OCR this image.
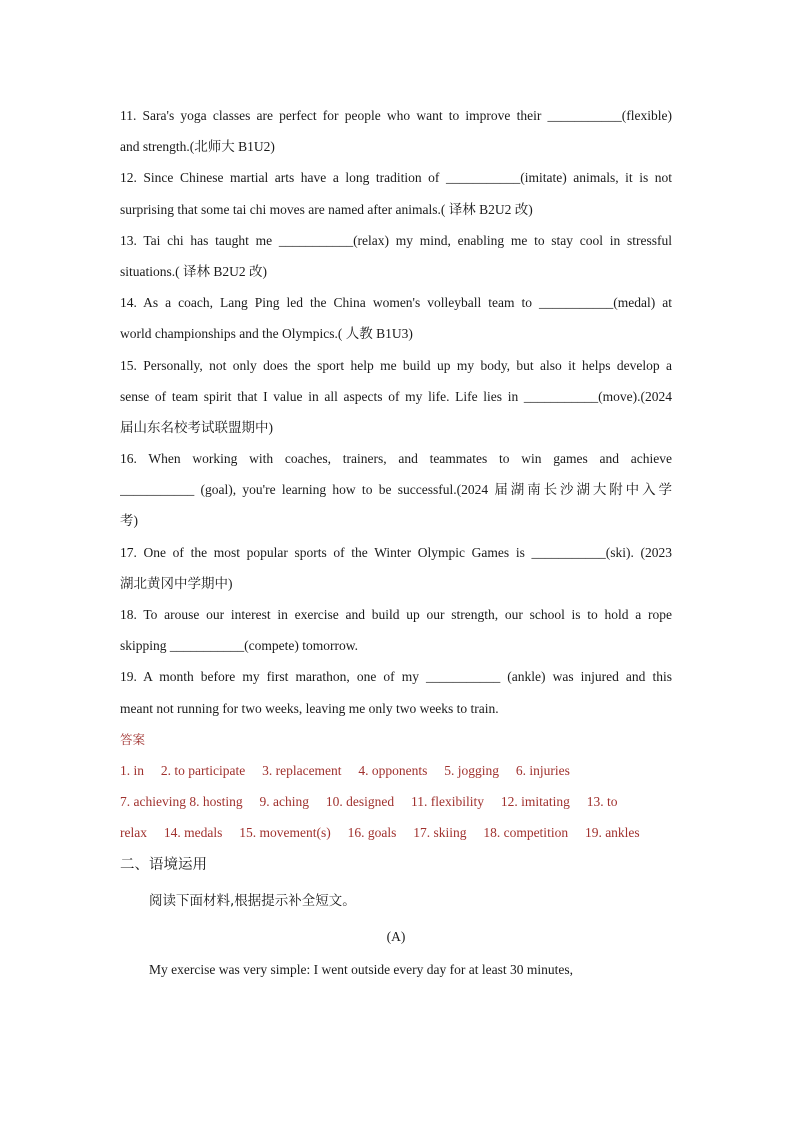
11. Sara's yoga classes are perfect for people who want to improve their ___________(flexible)
and strength.(北师大 B1U2)
12. Since Chinese martial arts have a long tradition of ___________(imitate) animals, it is not
surprising that some tai chi moves are named after animals.( 译林 B2U2 改)
13. Tai chi has taught me ___________(relax) my mind, enabling me to stay cool in stressful
situations.( 译林 B2U2 改)
14. As a coach, Lang Ping led the China women's volleyball team to ___________(medal) at
world championships and the Olympics.( 人教 B1U3)
15. Personally, not only does the sport help me build up my body, but also it helps develop a
sense of team spirit that I value in all aspects of my life. Life lies in ___________(move).(2024
届山东名校考试联盟期中)
16. When working with coaches, trainers, and teammates to win games and achieve
___________ (goal), you're learning how to be successful.(2024 届湖南长沙湖大附中入学
考)
17. One of the most popular sports of the Winter Olympic Games is ___________(ski). (2023
湖北黄冈中学期中)
18. To arouse our interest in exercise and build up our strength, our school is to hold a rope
skipping ___________(compete) tomorrow.
19. A month before my first marathon, one of my ___________ (ankle) was injured and this
meant not running for two weeks, leaving me only two weeks to train.
答案
1. in     2. to participate     3. replacement     4. opponents     5. jogging     6. injuries
7. achieving 8. hosting     9. aching     10. designed     11. flexibility     12. imitating     13. to
relax     14. medals     15. movement(s)     16. goals     17. skiing     18. competition     19. ankles
二、语境运用
阅读下面材料,根据提示补全短文。
(A)
My exercise was very simple: I went outside every day for at least 30 minutes,
